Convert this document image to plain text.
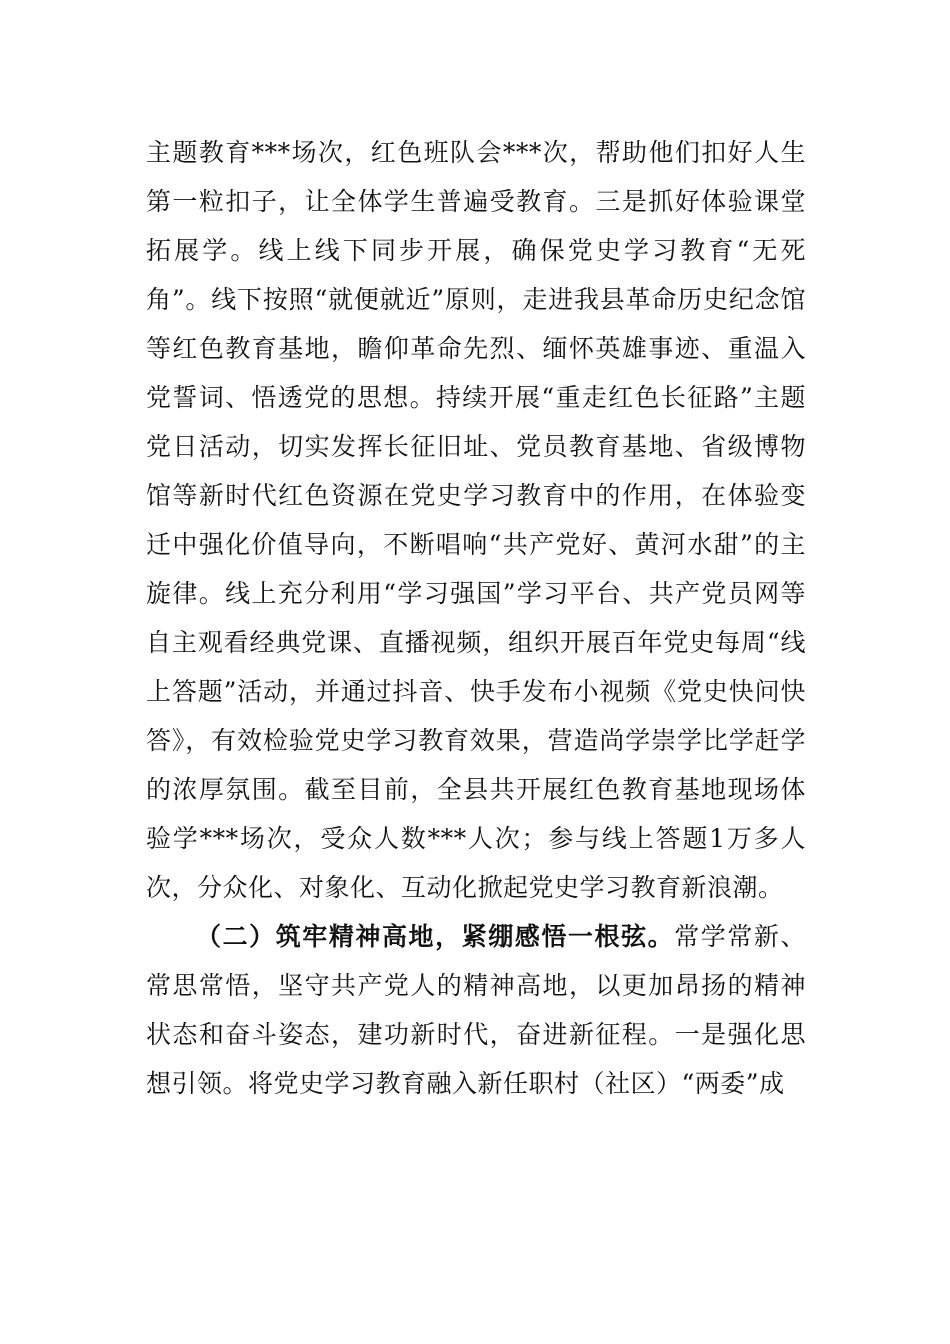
主题教育***场次，红色班队会***次，帮助他们扣好人生第一粒扣子，让全体学生普遍受教育。三是抓好体验课堂拓展学。线上线下同步开展，确保党史学习教育“无死角”。线下按照“就便就近”原则，走进我县革命历史纪念馆等红色教育基地，瞻仰革命先烈、缅怀英雄事迹、重温入党誓词、悟透党的思想。持续开展“重走红色长征路”主题党日活动，切实发挥长征旧址、党员教育基地、省级博物馆等新时代红色资源在党史学习教育中的作用，在体验变迁中强化价值导向，不断唱响“共产党好、黄河水甜”的主旋律。线上充分利用“学习强国”学习平台、共产党员网等自主观看经典党课、直播视频，组织开展百年党史每周“线上答题”活动，并通过抖音、快手发布小视频《党史快问快答》，有效检验党史学习教育效果，营造尚学崇学比学赶学的浓厚氛围。截至目前，全县共开展红色教育基地现场体验学***场次，受众人数***人次；参与线上答题1万多人次，分众化、对象化、互动化掀起党史学习教育新浪潮。

（二）筑牢精神高地，紧绷感悟一根弦。常学常新、常思常悟，坚守共产党人的精神高地，以更加昂扬的精神状态和奋斗姿态，建功新时代，奋进新征程。一是强化思想引领。将党史学习教育融入新任职村（社区）“两委”成
